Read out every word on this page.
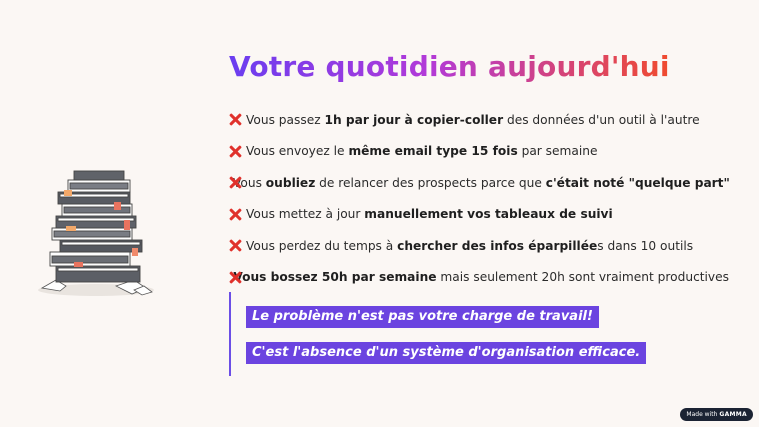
Votre quotidien aujourd'hui
Vous passez 1h par jour à copier-coller des données d'un outil à l'autre
Vous envoyez le même email type 15 fois par semaine
Vous oubliez de relancer des prospects parce que c'était noté "quelque part"
Vous mettez à jour manuellement vos tableaux de suivi
Vous perdez du temps à chercher des infos éparpillées dans 10 outils
Vous bossez 50h par semaine mais seulement 20h sont vraiment productives
Le problème n'est pas votre charge de travail!
C'est l'absence d'un système d'organisation efficace.
Made with GAMMA
